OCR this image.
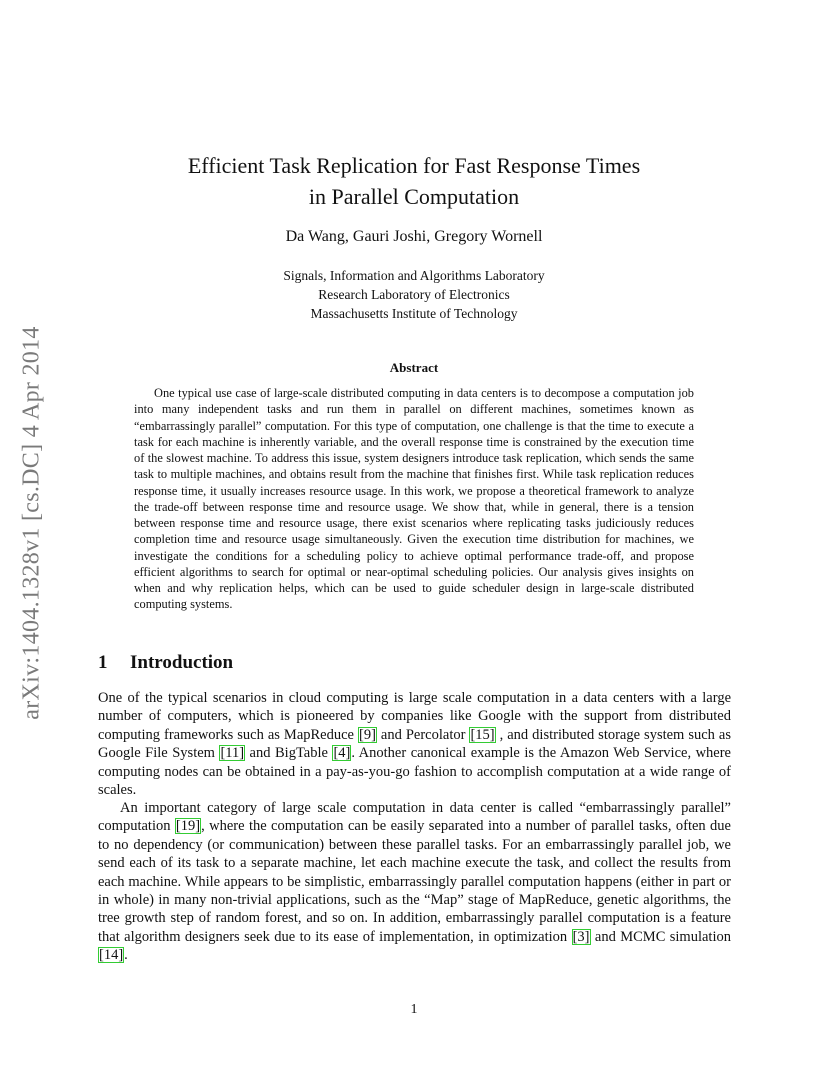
arXiv:1404.1328v1 [cs.DC] 4 Apr 2014
Efficient Task Replication for Fast Response Times
in Parallel Computation
Da Wang, Gauri Joshi, Gregory Wornell
Signals, Information and Algorithms Laboratory
Research Laboratory of Electronics
Massachusetts Institute of Technology
Abstract

One typical use case of large-scale distributed computing in data centers is to decompose a computation job into many independent tasks and run them in parallel on different machines, sometimes known as “embarrassingly parallel” computation. For this type of computation, one challenge is that the time to execute a task for each machine is inherently variable, and the overall response time is constrained by the execution time of the slowest machine. To address this issue, system designers introduce task replication, which sends the same task to multiple machines, and obtains result from the machine that finishes first. While task replication reduces response time, it usually increases resource usage. In this work, we propose a theoretical framework to analyze the trade-off between response time and resource usage. We show that, while in general, there is a tension between response time and resource usage, there exist scenarios where replicating tasks judiciously reduces completion time and resource usage simultaneously. Given the execution time distribution for machines, we investigate the conditions for a scheduling policy to achieve optimal performance trade-off, and propose efficient algorithms to search for optimal or near-optimal scheduling policies. Our analysis gives insights on when and why replication helps, which can be used to guide scheduler design in large-scale distributed computing systems.

1 Introduction

One of the typical scenarios in cloud computing is large scale computation in a data centers with a large number of computers, which is pioneered by companies like Google with the support from distributed computing frameworks such as MapReduce [9] and Percolator [15] , and distributed storage system such as Google File System [11] and BigTable [4]. Another canonical example is the Amazon Web Service, where computing nodes can be obtained in a pay-as-you-go fashion to accomplish computation at a wide range of scales.

An important category of large scale computation in data center is called “embarrassingly parallel” computation [19], where the computation can be easily separated into a number of parallel tasks, often due to no dependency (or communication) between these parallel tasks. For an embarrassingly parallel job, we send each of its task to a separate machine, let each machine execute the task, and collect the results from each machine. While appears to be simplistic, embarrassingly parallel computation happens (either in part or in whole) in many non-trivial applications, such as the “Map” stage of MapReduce, genetic algorithms, the tree growth step of random forest, and so on. In addition, embarrassingly parallel computation is a feature that algorithm designers seek due to its ease of implementation, in optimization [3] and MCMC simulation [14].

1
